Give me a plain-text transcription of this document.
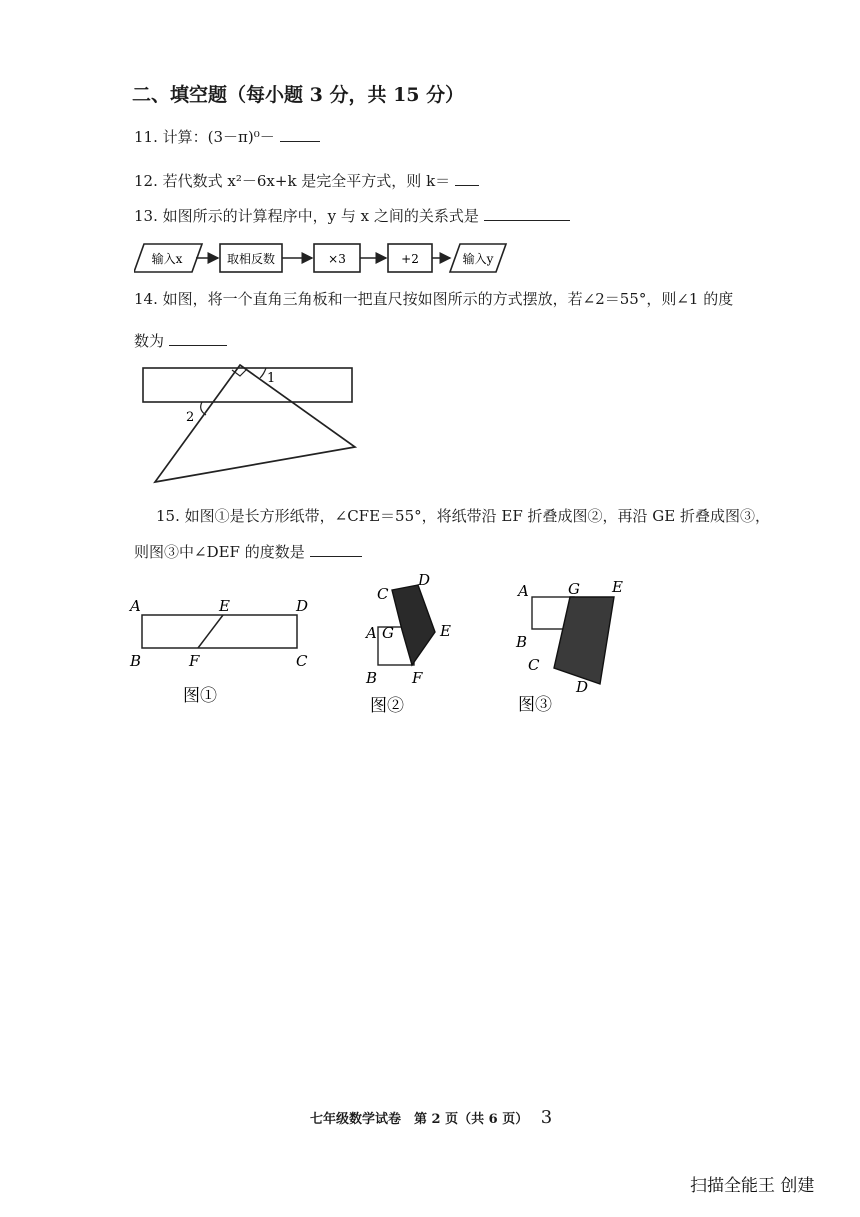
二、填空题（每小题 3 分，共 15 分）
11. 计算：(3－π)⁰－
12. 若代数式 x²－6x+k 是完全平方式，则 k＝
13. 如图所示的计算程序中，y 与 x 之间的关系式是
输入x	取相反数	×3	+2	输入y
14. 如图，将一个直角三角板和一把直尺按如图所示的方式摆放，若∠2＝55°，则∠1 的度
数为
1
2
15. 如图①是长方形纸带，∠CFE＝55°，将纸带沿 EF 折叠成图②，再沿 GE 折叠成图③，
则图③中∠DEF 的度数是
A	E	D
B	F	C
图①
C
D
A G	E
B F
图②
A	G E
B
C
D
图③
七年级数学试卷　第 2 页（共 6 页） 3
扫描全能王 创建
